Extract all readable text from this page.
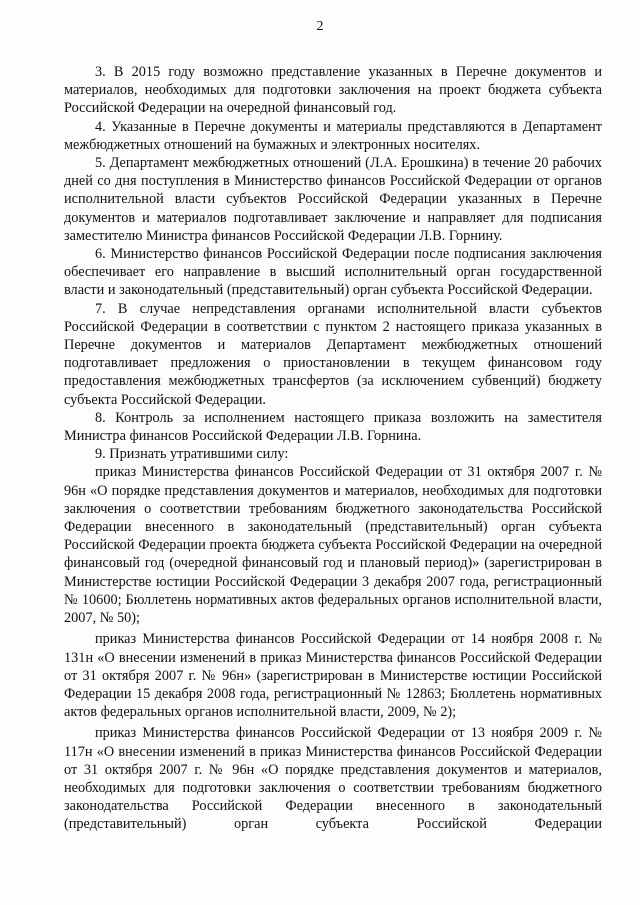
2

3. В 2015 году возможно представление указанных в Перечне документов и материалов, необходимых для подготовки заключения на проект бюджета субъекта Российской Федерации на очередной финансовый год.

4. Указанные в Перечне документы и материалы представляются в Департамент межбюджетных отношений на бумажных и электронных носителях.

5. Департамент межбюджетных отношений (Л.А. Ерошкина) в течение 20 рабочих дней со дня поступления в Министерство финансов Российской Федерации от органов исполнительной власти субъектов Российской Федерации указанных в Перечне документов и материалов подготавливает заключение и направляет для подписания заместителю Министра финансов Российской Федерации Л.В. Горнину.

6. Министерство финансов Российской Федерации после подписания заключения обеспечивает его направление в высший исполнительный орган государственной власти и законодательный (представительный) орган субъекта Российской Федерации.

7. В случае непредставления органами исполнительной власти субъектов Российской Федерации в соответствии с пунктом 2 настоящего приказа указанных в Перечне документов и материалов Департамент межбюджетных отношений подготавливает предложения о приостановлении в текущем финансовом году предоставления межбюджетных трансфертов (за исключением субвенций) бюджету субъекта Российской Федерации.

8. Контроль за исполнением настоящего приказа возложить на заместителя Министра финансов Российской Федерации Л.В. Горнина.

9. Признать утратившими силу:

приказ Министерства финансов Российской Федерации от 31 октября 2007 г. № 96н «О порядке представления документов и материалов, необходимых для подготовки заключения о соответствии требованиям бюджетного законодательства Российской Федерации внесенного в законодательный (представительный) орган субъекта Российской Федерации проекта бюджета субъекта Российской Федерации на очередной финансовый год (очередной финансовый год и плановый период)» (зарегистрирован в Министерстве юстиции Российской Федерации 3 декабря 2007 года, регистрационный № 10600; Бюллетень нормативных актов федеральных органов исполнительной власти, 2007, № 50);

приказ Министерства финансов Российской Федерации от 14 ноября 2008 г. № 131н «О внесении изменений в приказ Министерства финансов Российской Федерации от 31 октября 2007 г. № 96н» (зарегистрирован в Министерстве юстиции Российской Федерации 15 декабря 2008 года, регистрационный № 12863; Бюллетень нормативных актов федеральных органов исполнительной власти, 2009, № 2);

приказ Министерства финансов Российской Федерации от 13 ноября 2009 г. № 117н «О внесении изменений в приказ Министерства финансов Российской Федерации от 31 октября 2007 г. № 96н «О порядке представления документов и материалов, необходимых для подготовки заключения о соответствии требованиям бюджетного законодательства Российской Федерации внесенного в законодательный (представительный) орган субъекта Российской Федерации
